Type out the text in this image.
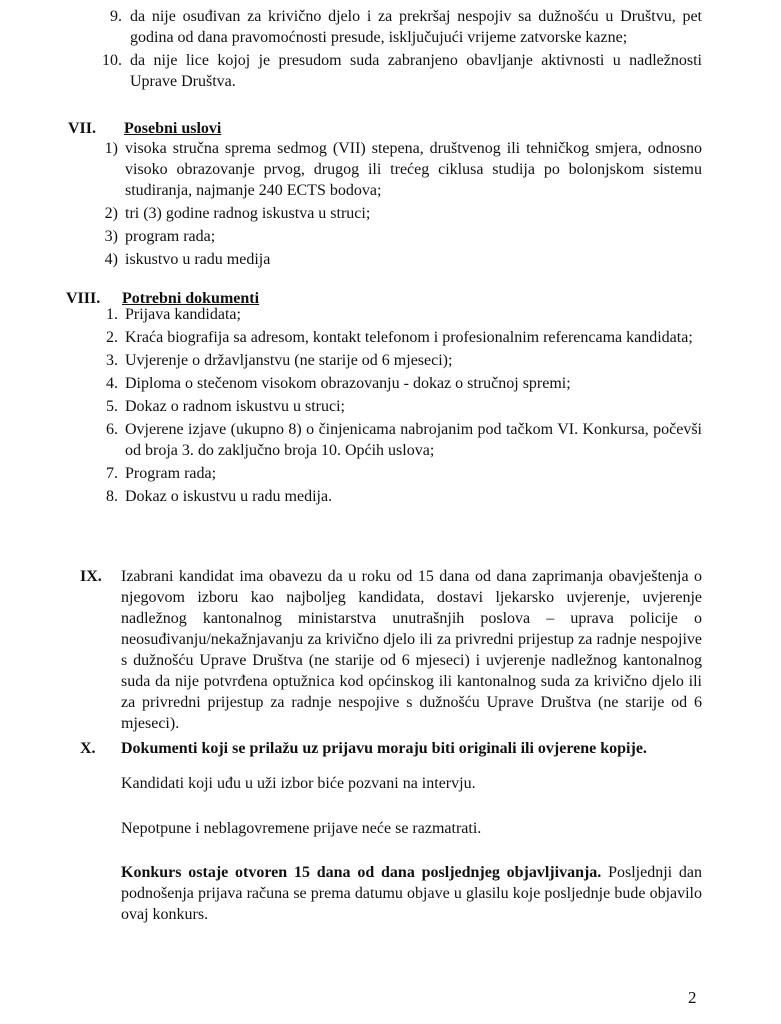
9. da nije osuđivan za krivično djelo i za prekršaj nespojiv sa dužnošću u Društvu, pet godina od dana pravomoćnosti presude, isključujući vrijeme zatvorske kazne;
10. da nije lice kojoj je presudom suda zabranjeno obavljanje aktivnosti u nadležnosti Uprave Društva.
VII.	Posebni uslovi
1) visoka stručna sprema sedmog (VII) stepena, društvenog ili tehničkog smjera, odnosno visoko obrazovanje prvog, drugog ili trećeg ciklusa studija po bolonjskom sistemu studiranja, najmanje 240 ECTS bodova;
2) tri (3) godine radnog iskustva u struci;
3) program rada;
4) iskustvo u radu medija
VIII.	Potrebni dokumenti
1. Prijava kandidata;
2. Kraća biografija sa adresom, kontakt telefonom i profesionalnim referencama kandidata;
3. Uvjerenje o državljanstvu (ne starije od 6 mjeseci);
4. Diploma o stečenom visokom obrazovanju - dokaz o stručnoj spremi;
5. Dokaz o radnom iskustvu u struci;
6. Ovjerene izjave (ukupno 8) o činjenicama nabrojanim pod tačkom VI. Konkursa, počevši od broja 3. do zaključno broja 10. Općih uslova;
7. Program rada;
8. Dokaz o iskustvu u radu medija.
IX. Izabrani kandidat ima obavezu da u roku od 15 dana od dana zaprimanja obavještenja o njegovom izboru kao najboljeg kandidata, dostavi ljekarsko uvjerenje, uvjerenje nadležnog kantonalnog ministarstva unutrašnjih poslova – uprava policije o neosuđivanju/nekažnjavanju za krivično djelo ili za privredni prijestup za radnje nespojive s dužnošću Uprave Društva (ne starije od 6 mjeseci) i uvjerenje nadležnog kantonalnog suda da nije potvrđena optužnica kod općinskog ili kantonalnog suda za krivično djelo ili za privredni prijestup za radnje nespojive s dužnošću Uprave Društva (ne starije od 6 mjeseci).
X. Dokumenti koji se prilažu uz prijavu moraju biti originali ili ovjerene kopije.
Kandidati koji uđu u uži izbor biće pozvani na intervju.
Nepotpune i neblagovremene prijave neće se razmatrati.
Konkurs ostaje otvoren 15 dana od dana posljednjeg objavljivanja. Posljednji dan podnošenja prijava računa se prema datumu objave u glasilu koje posljednje bude objavilo ovaj konkurs.
2
